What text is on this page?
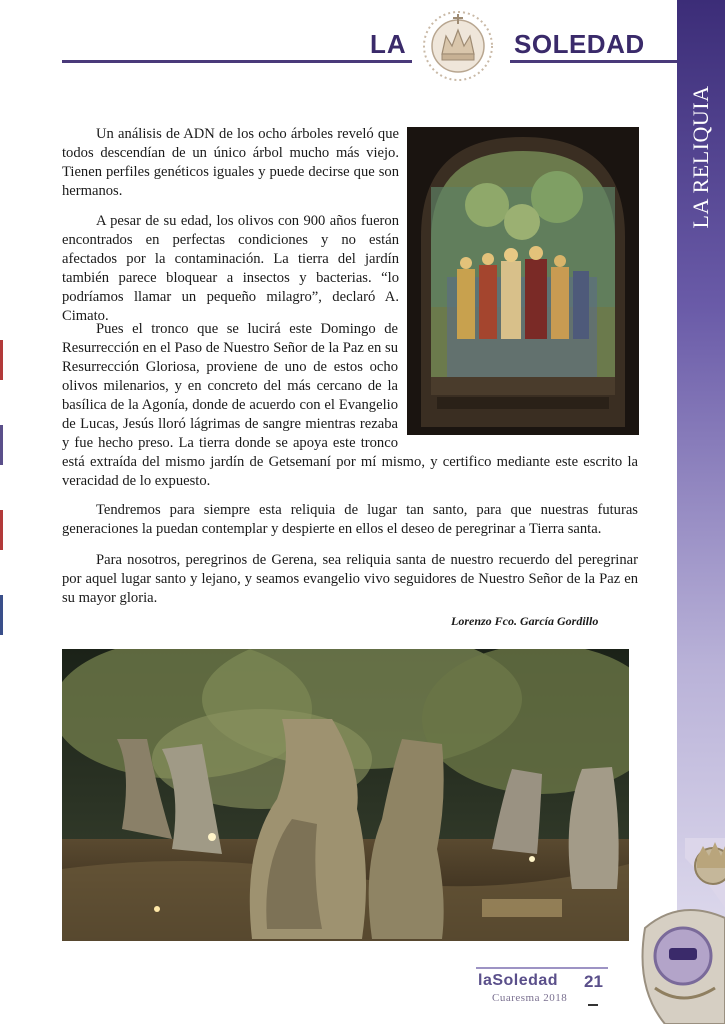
LA	SOLEDAD
LA RELIQUIA

Un análisis de ADN de los ocho árboles reveló que todos descendían de un único árbol mucho más viejo. Tienen perfiles genéticos iguales y puede decirse que son hermanos.

A pesar de su edad, los olivos con 900 años fueron encontrados en perfectas condiciones y no están afectados por la contaminación. La tierra del jardín también parece bloquear a insectos y bacterias. “lo podríamos llamar un pequeño milagro”, declaró A. Cimato.

Pues el tronco que se lucirá este Domingo de Resurrección en el Paso de Nuestro Señor de la Paz en su Resurrección Gloriosa, proviene de uno de estos ocho olivos milenarios, y en concreto del más cercano de la basílica de la Agonía, donde de acuerdo con el Evangelio de Lucas, Jesús lloró lágrimas de sangre mientras rezaba y fue hecho preso. La tierra donde se apoya este tronco está extraída del mismo jardín de Getsemaní por mí mismo, y certifico mediante este escrito la veracidad de lo expuesto.

Tendremos para siempre esta reliquia de lugar tan santo, para que nuestras futuras generaciones la puedan contemplar y despierte en ellos el deseo de peregrinar a Tierra santa.

Para nosotros, peregrinos de Gerena, sea reliquia santa de nuestro recuerdo del peregrinar por aquel lugar santo y lejano, y seamos evangelio vivo seguidores de Nuestro Señor de la Paz en su mayor gloria.

Lorenzo Fco. García Gordillo
laSoledad
Cuaresma 2018
21
